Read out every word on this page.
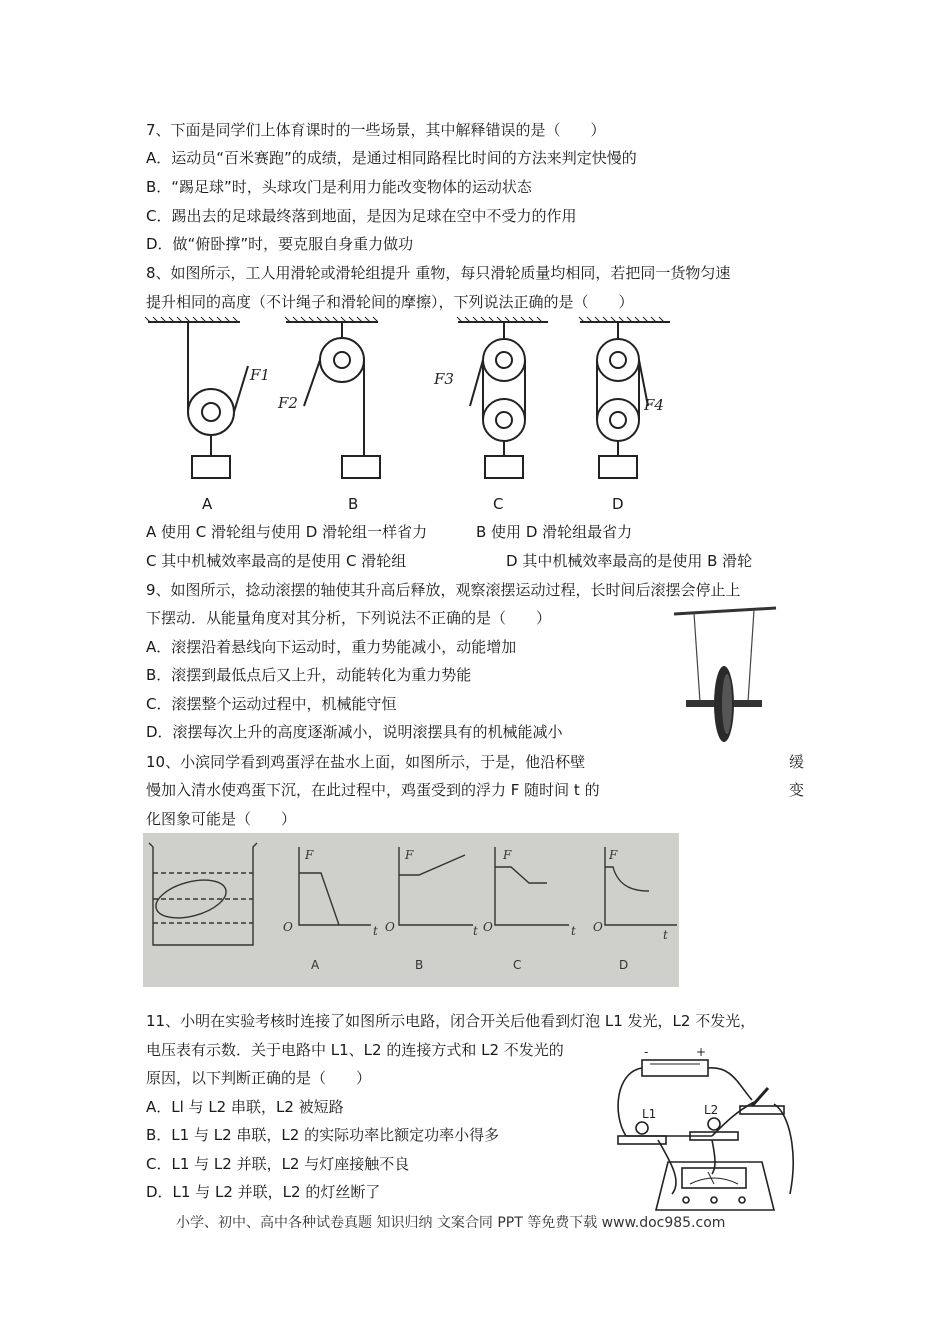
7、下面是同学们上体育课时的一些场景，其中解释错误的是（　　）
A．运动员“百米赛跑”的成绩，是通过相同路程比时间的方法来判定快慢的
B．“踢足球”时，头球攻门是利用力能改变物体的运动状态
C．踢出去的足球最终落到地面，是因为足球在空中不受力的作用
D．做“俯卧撑”时，要克服自身重力做功
8、如图所示，工人用滑轮或滑轮组提升 重物，每只滑轮质量均相同，若把同一货物匀速
提升相同的高度（不计绳子和滑轮间的摩擦），下列说法正确的是（　　）
F1
F2
F3
F4
A	B	C	D
A 使用 C 滑轮组与使用 D 滑轮组一样省力	B 使用 D 滑轮组最省力
C 其中机械效率最高的是使用 C 滑轮组	D 其中机械效率最高的是使用 B 滑轮
9、如图所示，捻动滚摆的轴使其升高后释放，观察滚摆运动过程，长时间后滚摆会停止上
下摆动．从能量角度对其分析，下列说法不正确的是（　　）
A．滚摆沿着悬线向下运动时，重力势能减小，动能增加
B．滚摆到最低点后又上升，动能转化为重力势能
C．滚摆整个运动过程中，机械能守恒
D．滚摆每次上升的高度逐渐减小，说明滚摆具有的机械能减小
10、小滨同学看到鸡蛋浮在盐水上面，如图所示，于是，他沿杯壁	缓
慢加入清水使鸡蛋下沉，在此过程中，鸡蛋受到的浮力 F 随时间 t 的	变
化图象可能是（　　）
F
t
O
F
t
O
F
t
O
F
t
O
A	B	C	D
11、小明在实验考核时连接了如图所示电路，闭合开关后他看到灯泡 L1 发光，L2 不发光，
电压表有示数．关于电路中 L1、L2 的连接方式和 L2 不发光的
原因，以下判断正确的是（　　）
A．Ll 与 L2 串联，L2 被短路
B．L1 与 L2 串联，L2 的实际功率比额定功率小得多
C．L1 与 L2 并联，L2 与灯座接触不良
D．L1 与 L2 并联，L2 的灯丝断了
L1	L2
-	+
小学、初中、高中各种试卷真题 知识归纳 文案合同 PPT 等免费下载 www.doc985.com
